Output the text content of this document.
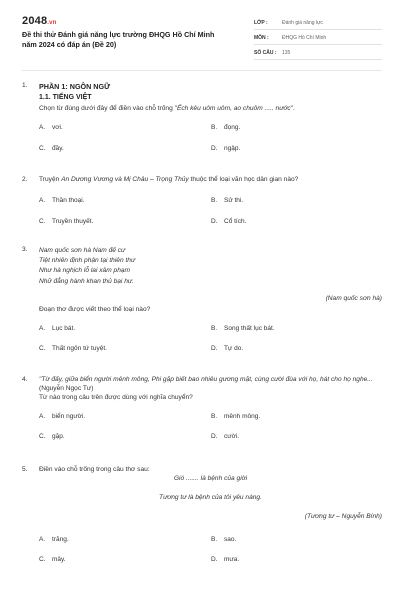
2048.vn
Đề thi thử Đánh giá năng lực trường ĐHQG Hồ Chí Minh
năm 2024 có đáp án (Đề 20)
LỚP :	Đánh giá năng lực
MÔN :	ĐHQG Hồ Chí Minh
SỐ CÂU :	135
1. PHẦN 1: NGÔN NGỮ
1.1. TIẾNG VIỆT
Chọn từ đúng dưới đây để điền vào chỗ trống "Ếch kêu uôm uôm, ao chuôm ..... nước".
A.	vơi.	B.	đọng.
C.	đầy.	D.	ngập.
2. Truyện An Dương Vương và Mị Châu – Trọng Thủy thuộc thể loại văn học dân gian nào?
A.	Thần thoại.	B.	Sử thi.
C.	Truyền thuyết.	D.	Cổ tích.
3. Nam quốc sơn hà Nam đế cư
Tiệt nhiên định phận tại thiên thư
Như hà nghịch lỗ lai xâm phạm
Nhữ đẳng hành khan thủ bại hư.
(Nam quốc sơn hà)
Đoạn thơ được viết theo thể loại nào?
A.	Lục bát.	B.	Song thất lục bát.
C.	Thất ngôn tứ tuyệt.	D.	Tự do.
4. "Từ đấy, giữa biển người mênh mông, Phi gặp biết bao nhiêu gương mặt, cùng cười đùa với họ, hát cho họ nghe... (Nguyễn Ngọc Tư)
Từ nào trong câu trên được dùng với nghĩa chuyển?
A.	biển người.	B.	mênh mông.
C.	gặp.	D.	cười.
5. Điền vào chỗ trống trong câu thơ sau:
Gió ....... là bệnh của giời
Tương tư là bệnh của tôi yêu nàng.
(Tương tư – Nguyễn Bính)
A.	trăng.	B.	sao.
C.	mây.	D.	mưa.
